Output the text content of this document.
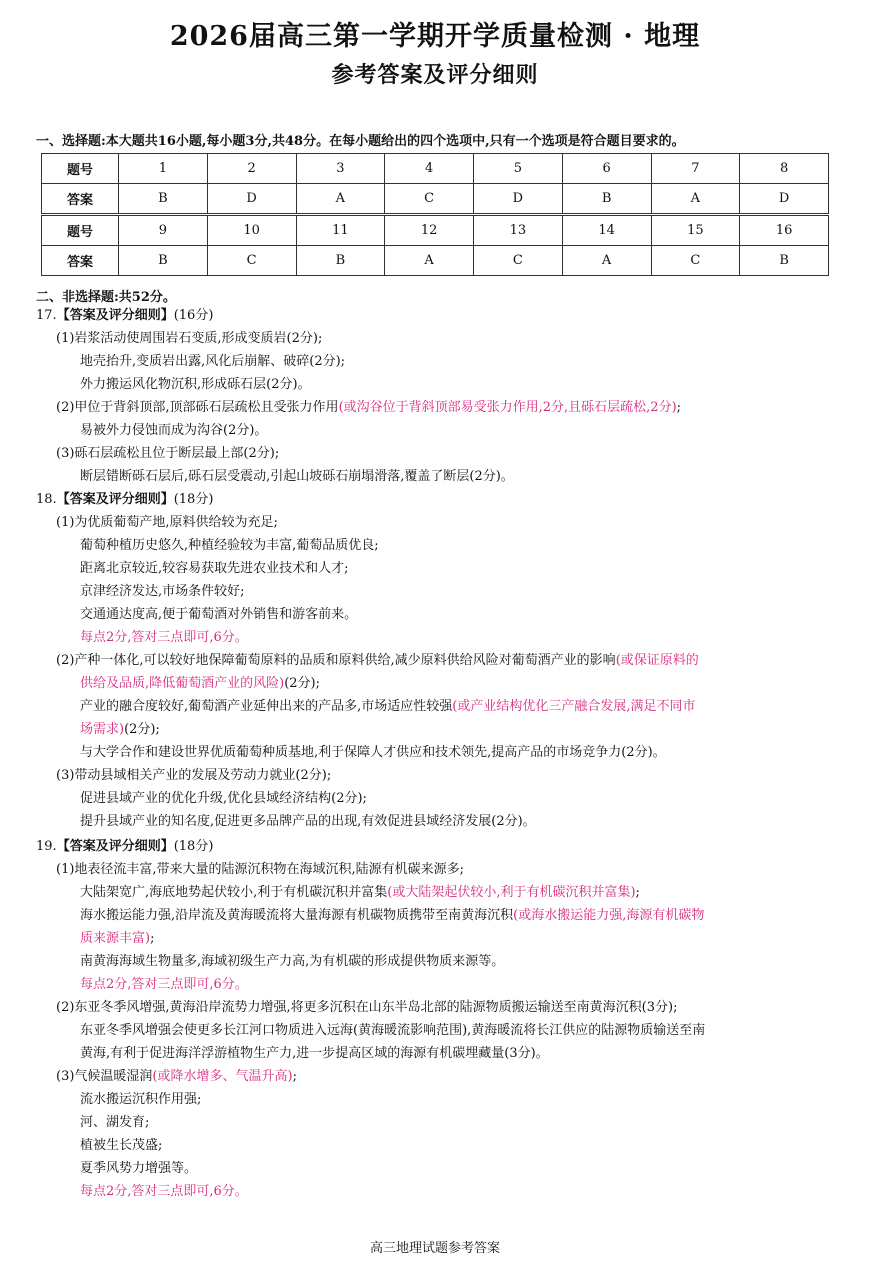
2026届高三第一学期开学质量检测 · 地理
参考答案及评分细则
一、选择题:本大题共16小题,每小题3分,共48分。在每小题给出的四个选项中,只有一个选项是符合题目要求的。
题号	1	2	3	4	5	6	7	8
答案	B	D	A	C	D	B	A	D
题号	9	10	11	12	13	14	15	16
答案	B	C	B	A	C	A	C	B
二、非选择题:共52分。
17.【答案及评分细则】(16分)
(1)岩浆活动使周围岩石变质,形成变质岩(2分);
地壳抬升,变质岩出露,风化后崩解、破碎(2分);
外力搬运风化物沉积,形成砾石层(2分)。
(2)甲位于背斜顶部,顶部砾石层疏松且受张力作用(或沟谷位于背斜顶部易受张力作用,2分,且砾石层疏松,2分);
易被外力侵蚀而成为沟谷(2分)。
(3)砾石层疏松且位于断层最上部(2分);
断层错断砾石层后,砾石层受震动,引起山坡砾石崩塌滑落,覆盖了断层(2分)。
18.【答案及评分细则】(18分)
(1)为优质葡萄产地,原料供给较为充足;
葡萄种植历史悠久,种植经验较为丰富,葡萄品质优良;
距离北京较近,较容易获取先进农业技术和人才;
京津经济发达,市场条件较好;
交通通达度高,便于葡萄酒对外销售和游客前来。
每点2分,答对三点即可,6分。
(2)产种一体化,可以较好地保障葡萄原料的品质和原料供给,减少原料供给风险对葡萄酒产业的影响(或保证原料的
供给及品质,降低葡萄酒产业的风险)(2分);
产业的融合度较好,葡萄酒产业延伸出来的产品多,市场适应性较强(或产业结构优化三产融合发展,满足不同市
场需求)(2分);
与大学合作和建设世界优质葡萄种质基地,利于保障人才供应和技术领先,提高产品的市场竞争力(2分)。
(3)带动县域相关产业的发展及劳动力就业(2分);
促进县域产业的优化升级,优化县域经济结构(2分);
提升县域产业的知名度,促进更多品牌产品的出现,有效促进县域经济发展(2分)。
19.【答案及评分细则】(18分)
(1)地表径流丰富,带来大量的陆源沉积物在海域沉积,陆源有机碳来源多;
大陆架宽广,海底地势起伏较小,利于有机碳沉积并富集(或大陆架起伏较小,利于有机碳沉积并富集);
海水搬运能力强,沿岸流及黄海暖流将大量海源有机碳物质携带至南黄海沉积(或海水搬运能力强,海源有机碳物
质来源丰富);
南黄海海域生物量多,海域初级生产力高,为有机碳的形成提供物质来源等。
每点2分,答对三点即可,6分。
(2)东亚冬季风增强,黄海沿岸流势力增强,将更多沉积在山东半岛北部的陆源物质搬运输送至南黄海沉积(3分);
东亚冬季风增强会使更多长江河口物质进入远海(黄海暖流影响范围),黄海暖流将长江供应的陆源物质输送至南
黄海,有利于促进海洋浮游植物生产力,进一步提高区域的海源有机碳埋藏量(3分)。
(3)气候温暖湿润(或降水增多、气温升高);
流水搬运沉积作用强;
河、湖发育;
植被生长茂盛;
夏季风势力增强等。
每点2分,答对三点即可,6分。
高三地理试题参考答案
